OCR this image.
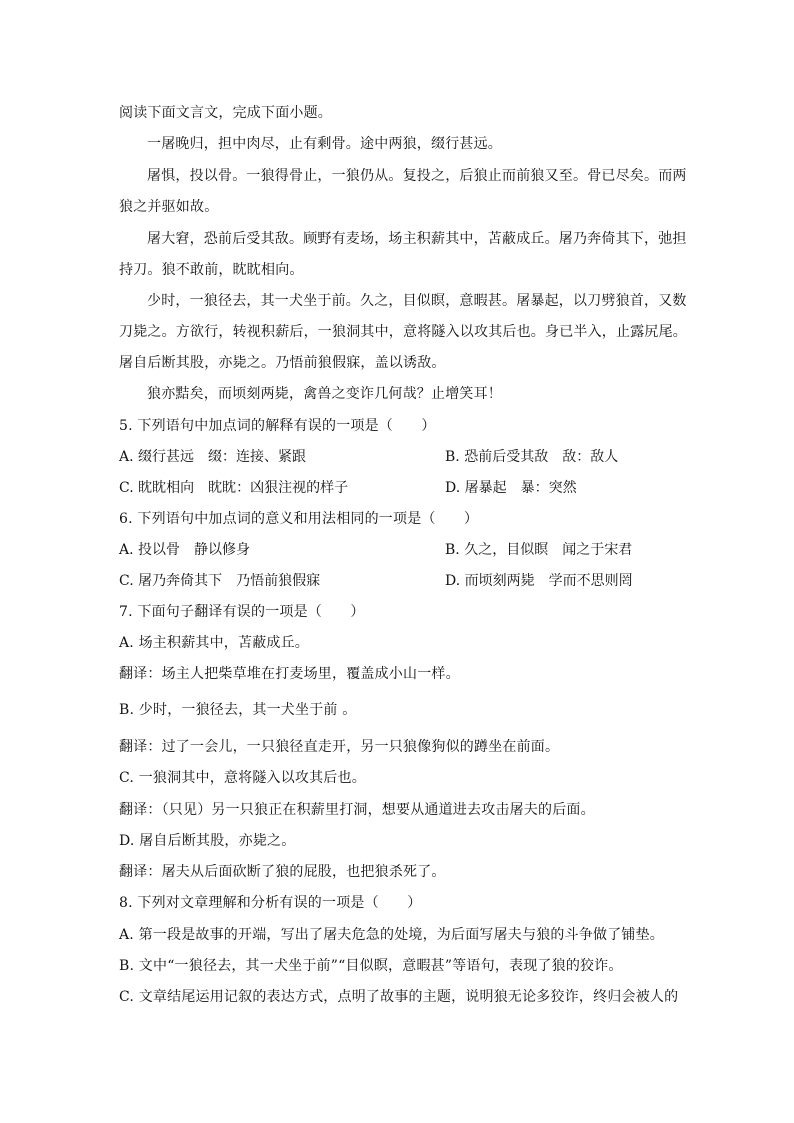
阅读下面文言文，完成下面小题。
一屠晚归，担中肉尽，止有剩骨。途中两狼，缀行甚远。
屠惧，投以骨。一狼得骨止，一狼仍从。复投之，后狼止而前狼又至。骨已尽矣。而两
狼之并驱如故。
屠大窘，恐前后受其敌。顾野有麦场，场主积薪其中，苫蔽成丘。屠乃奔倚其下，弛担
持刀。狼不敢前，眈眈相向。
少时，一狼径去，其一犬坐于前。久之，目似瞑，意暇甚。屠暴起，以刀劈狼首，又数
刀毙之。方欲行，转视积薪后，一狼洞其中，意将隧入以攻其后也。身已半入，止露尻尾。
屠自后断其股，亦毙之。乃悟前狼假寐，盖以诱敌。
狼亦黠矣，而顷刻两毙，禽兽之变诈几何哉？止增笑耳！
5. 下列语句中加点词的解释有误的一项是（　　）
A. 缀行甚远　缀：连接、紧跟	B. 恐前后受其敌　敌：敌人
C. 眈眈相向　眈眈：凶狠注视的样子	D. 屠暴起　暴：突然
6. 下列语句中加点词的意义和用法相同的一项是（　　）
A. 投以骨　静以修身	B. 久之，目似瞑　闻之于宋君
C. 屠乃奔倚其下　乃悟前狼假寐	D. 而顷刻两毙　学而不思则罔
7. 下面句子翻译有误的一项是（　　）
A. 场主积薪其中，苫蔽成丘。
翻译：场主人把柴草堆在打麦场里，覆盖成小山一样。
B. 少时，一狼径去，其一犬坐于前 。
翻译：过了一会儿，一只狼径直走开，另一只狼像狗似的蹲坐在前面。
C. 一狼洞其中，意将隧入以攻其后也。
翻译：（只见）另一只狼正在积薪里打洞，想要从通道进去攻击屠夫的后面。
D. 屠自后断其股，亦毙之。
翻译：屠夫从后面砍断了狼的屁股，也把狼杀死了。
8. 下列对文章理解和分析有误的一项是（　　）
A. 第一段是故事的开端，写出了屠夫危急的处境，为后面写屠夫与狼的斗争做了铺垫。
B. 文中“一狼径去，其一犬坐于前”“目似瞑，意暇甚”等语句，表现了狼的狡诈。
C. 文章结尾运用记叙的表达方式，点明了故事的主题，说明狼无论多狡诈，终归会被人的
